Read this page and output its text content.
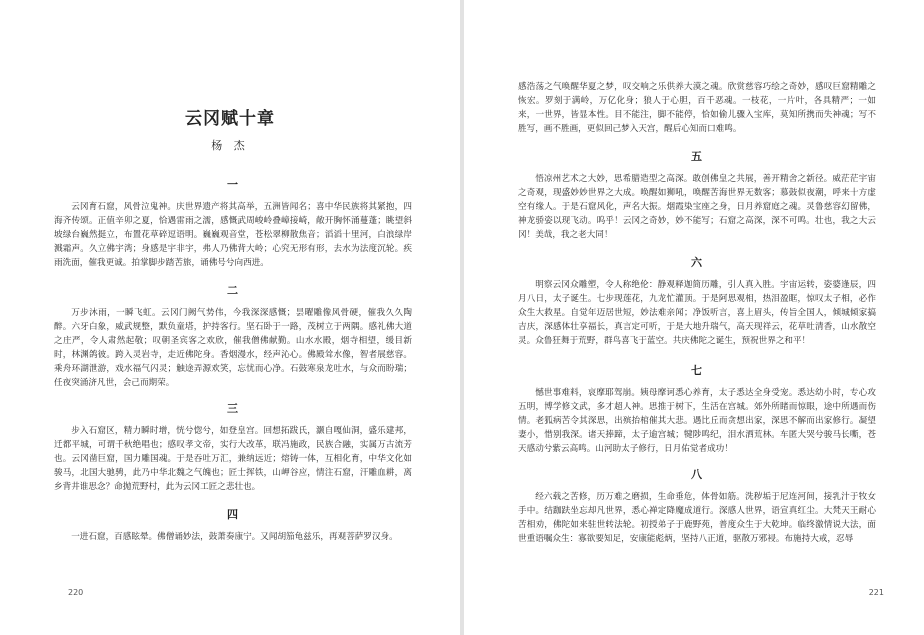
云冈赋十章
杨 杰
一

云冈育石窟，风骨泣鬼神。庆世界遗产将其高举，五洲皆闻名；喜中华民族将其紧抱，四海齐传颂。正值辛卯之夏，恰遇雷雨之濡，感慨武周峻岭叠嶂接崎，敞开胸怀涌蔓蓬；眺望斜坡绿台巍然挺立，布置花草碎逗语明。巍巍观音堂，苍松翠柳散焦音；滔滔十里河，白浪绿岸溅霜声。久立佛宇湾；身感是宇非宇，弗人乃佛背大岭；心究无形有形，去水为法度沉轮。疾雨洗面，催我更诚。拍掌脚步踏苦旅，诵佛号兮向西进。

二

万步沐雨，一瞬飞虹。云冈门阙气势伟，今我深深感慨；昙曜雕像风骨硬，催我久久陶醉。六牙白象，威武规整，默负童塔，护持客行。坚石卧于一路，茂树立于两隅。感礼佛大道之庄严，令人肃然起敬；叹朝圣宾客之欢欣，催我僧佛献勤。山水水殿，烟寺相望，缓目新时，林渊鸽彼。跨入灵岩寺，走近佛陀身。香烟漫水，经声沁心。佛殿耸水像，智者展慈容。乘舟环湖泄游，戏水福气闪灵；触途弄源欢笑，忘忧而心净。石鼓寒泉龙吐水，与众而盼瑞；任夜突涌济凡世，会己而期荣。

三

步入石窟区，精力瞬时增，恍兮惚兮，如登皇宫。回想拓跋氏，灏自嘎仙洞，盛乐建邦，迁都平城，可谓千秋绝唱也；感叹孝文帝，实行大改革，联冯施政，民族合融，实属万古流芳也。云冈凿巨窟，国力雕国魂。于是吞吐万汇，兼纳远近；熔铸一体，互相化育，中华文化如骏马，北国大驰骋，此乃中华北魏之气魄也；匠士挥铁，山岬谷应，情注石窟，汗雕血耕，离乡背井谁思念？命抛荒野村，此为云冈工匠之悲壮也。

四

一进石窟，百感眩晕。佛僧诵妙法，鼓萧奏康宁。又闻胡笳龟兹乐，再观菩萨罗汉身。

220

感浩荡之气唤醒华夏之梦，叹交响之乐供养大漠之魂。欣赏慈容巧绘之奇妙，感叹巨窟精雕之恢宏。罗刻于满岭，万亿化身；狼人于心胆，百千恶魂。一枝花，一片叶，各具精严；一如来，一世界，皆显本性。目不能注，脚不能停，恰如偷儿骤入宝库，莫知所携而失神魂；写不胜写，画不胜画，更似回己梦入天宫，醒后心知而口难鸣。

五

悟凉州艺术之大妙，思希腊造型之高深。敢创佛皇之共展，善开精舍之新径。威茫茫宇宙之奇观，现盛妙妙世界之大成。唤醒如狮吼，唤醒苦海世界无数客；慕鼓似夜潮，呼来十方虚空有缘人。于是石窟风化，声名大振。烟霞染宝座之身，日月养窟庭之魂。灵鲁慈容幻留佛，神龙骄姿以现飞动。呜乎！云冈之奇妙，妙不能写；石窟之高深，深不可鸣。壮也，我之大云冈！美哉，我之老大同！

六

明察云冈众雕塑，令人称绝伦：静观释迦简历雕，引人真入胜。宇宙运转，姿婆逢辰，四月八日，太子诞生。七步现莲花，九龙忙灌顶。于是阿思观相，热泪盈眶，惊叹太子相，必作众生大救星。自觉年迈居世短，妙法难亲闻；净饭听言，喜上眉头，传旨全国人，倾城倾家搞吉庆，深感体壮享福长，真言定可听，于是大地升瑞气，高天现祥云，花草吐清香，山水散空灵。众鲁狂舞于荒野，群鸟喜飞于蓝空。共庆佛陀之诞生，预祝世界之和平！

七

憾世事难料，哀摩耶驾崩。姨母摩诃悉心养育，太子悉达全身受宠。悉达幼小时，专心攻五明，博学修文武，多才超人神。思推于树下，生活在宫城。郊外所睹而惊眼，途中所遇而伤情。老狐病苦令其深思，出殡抬棺催其大悲。遇比丘而贪想出家，深思不解而出家修行。凝望妻小，惜别我深。诸天捧蹄，太子逾宫城；犍陟鸣纪，泪水洒荒林。车匿大哭兮骏马长嘶，苍天感动兮紫云高鸣。山河助太子修行，日月佑觉者成功！

八

经六载之苦修，历万难之磨损，生命垂危，体骨如筋。洗秽垢于尼连河间，接乳汁于牧女手中。结跏趺坐忘却凡世界，悉心禅定降魔成道行。深感人世界，语宣真红尘。大梵天王耐心苦相劝，佛陀如来驻世转法轮。初授弟子于鹿野苑，普度众生于大乾坤。临终激情说大法，面世重语嘱众生：寡欲要知足，安康能彪炳，坚持八正道，驱散万邪祲。布施持大戒，忍辱

221
